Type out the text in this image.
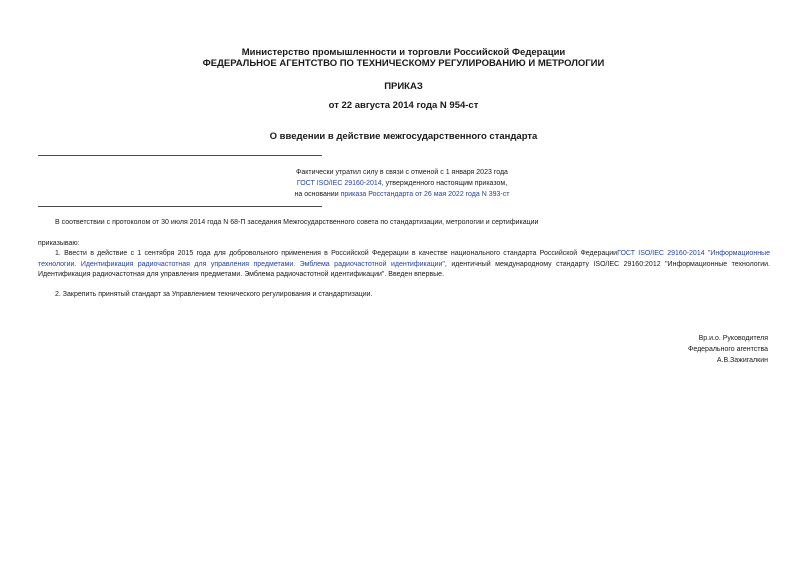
Министерство промышленности и торговли Российской Федерации
ФЕДЕРАЛЬНОЕ АГЕНТСТВО ПО ТЕХНИЧЕСКОМУ РЕГУЛИРОВАНИЮ И МЕТРОЛОГИИ
ПРИКАЗ
от 22 августа 2014 года N 954-ст
О введении в действие межгосударственного стандарта
Фактически утратил силу в связи с отменой с 1 января 2023 года
ГОСТ ISO/IEC 29160-2014, утвержденного настоящим приказом,
на основании приказа Росстандарта от 26 мая 2022 года N 393-ст
В соответствии с протоколом от 30 июля 2014 года N 68-П заседания Межгосударственного совета по стандартизации, метрологии и сертификации
приказываю:
1. Ввести в действие с 1 сентября 2015 года для добровольного применения в Российской Федерации в качестве национального стандарта Российской ФедерацииГОСТ ISO/IEC 29160-2014 "Информационные технологии. Идентификация радиочастотная для управления предметами. Эмблема радиочастотной идентификации", идентичный международному стандарту ISO/IEC 29160:2012 "Информационные технологии. Идентификация радиочастотная для управления предметами. Эмблема радиочастотной идентификации". Введен впервые.
2. Закрепить принятый стандарт за Управлением технического регулирования и стандартизации.
Вр.и.о. Руководителя
Федерального агентства
А.В.Зажигалкин
